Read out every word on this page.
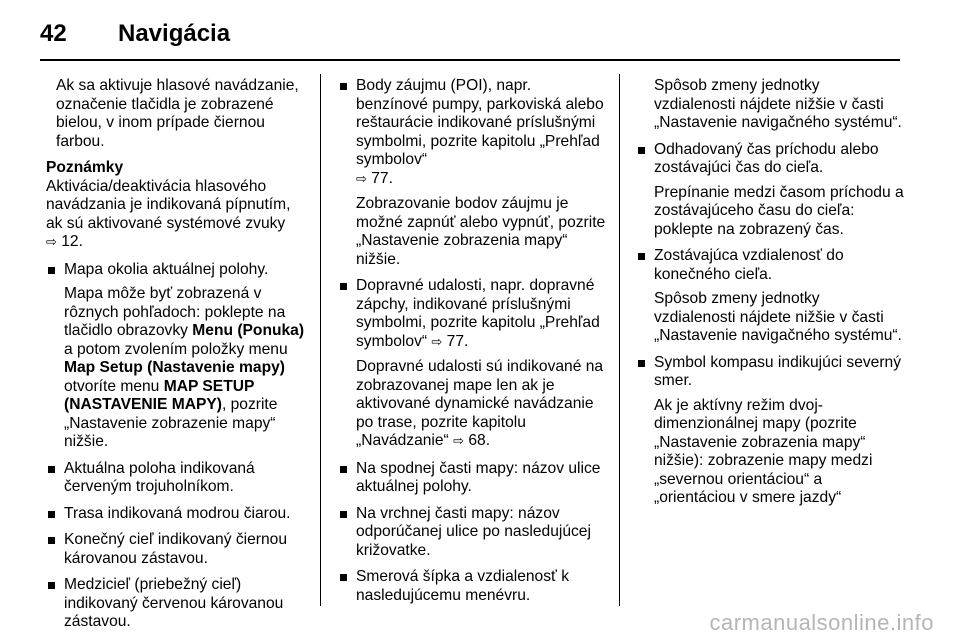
42 Navigácia

Ak sa aktivuje hlasové navádzanie, označenie tlačidla je zobrazené bielou, v inom prípade čiernou farbou.

Poznámky

Aktivácia/deaktivácia hlasového navádzania je indikovaná pípnutím, ak sú aktivované systémové zvuky
⇨ 12.

Mapa okolia aktuálnej polohy.

Mapa môže byť zobrazená v rôznych pohľadoch: poklepte na tlačidlo obrazovky Menu (Ponuka) a potom zvolením položky menu Map Setup (Nastavenie mapy) otvoríte menu MAP SETUP (NASTAVENIE MAPY), pozrite „Nastavenie zobrazenie mapy“ nižšie.

Aktuálna poloha indikovaná červeným trojuholníkom.

Trasa indikovaná modrou čiarou.

Konečný cieľ indikovaný čiernou károvanou zástavou.

Medzicieľ (priebežný cieľ) indikovaný červenou károvanou zástavou.

Body záujmu (POI), napr. benzínové pumpy, parkoviská alebo reštaurácie indikované príslušnými symbolmi, pozrite kapitolu „Prehľad symbolov“
⇨ 77.

Zobrazovanie bodov záujmu je možné zapnúť alebo vypnúť, pozrite „Nastavenie zobrazenia mapy“ nižšie.

Dopravné udalosti, napr. dopravné zápchy, indikované príslušnými symbolmi, pozrite kapitolu „Prehľad symbolov“ ⇨ 77.

Dopravné udalosti sú indikované na zobrazovanej mape len ak je aktivované dynamické navádzanie po trase, pozrite kapitolu „Navádzanie“ ⇨ 68.

Na spodnej časti mapy: názov ulice aktuálnej polohy.

Na vrchnej časti mapy: názov odporúčanej ulice po nasledujúcej križovatke.

Smerová šípka a vzdialenosť k nasledujúcemu menévru.

Spôsob zmeny jednotky vzdialenosti nájdete nižšie v časti „Nastavenie navigačného systému“.

Odhadovaný čas príchodu alebo zostávajúci čas do cieľa.

Prepínanie medzi časom príchodu a zostávajúceho času do cieľa: poklepte na zobrazený čas.

Zostávajúca vzdialenosť do konečného cieľa.

Spôsob zmeny jednotky vzdialenosti nájdete nižšie v časti „Nastavenie navigačného systému“.

Symbol kompasu indikujúci severný smer.

Ak je aktívny režim dvoj-dimenzionálnej mapy (pozrite „Nastavenie zobrazenia mapy“ nižšie): zobrazenie mapy medzi „severnou orientáciou“ a „orientáciou v smere jazdy“

carmanualsonline.info
